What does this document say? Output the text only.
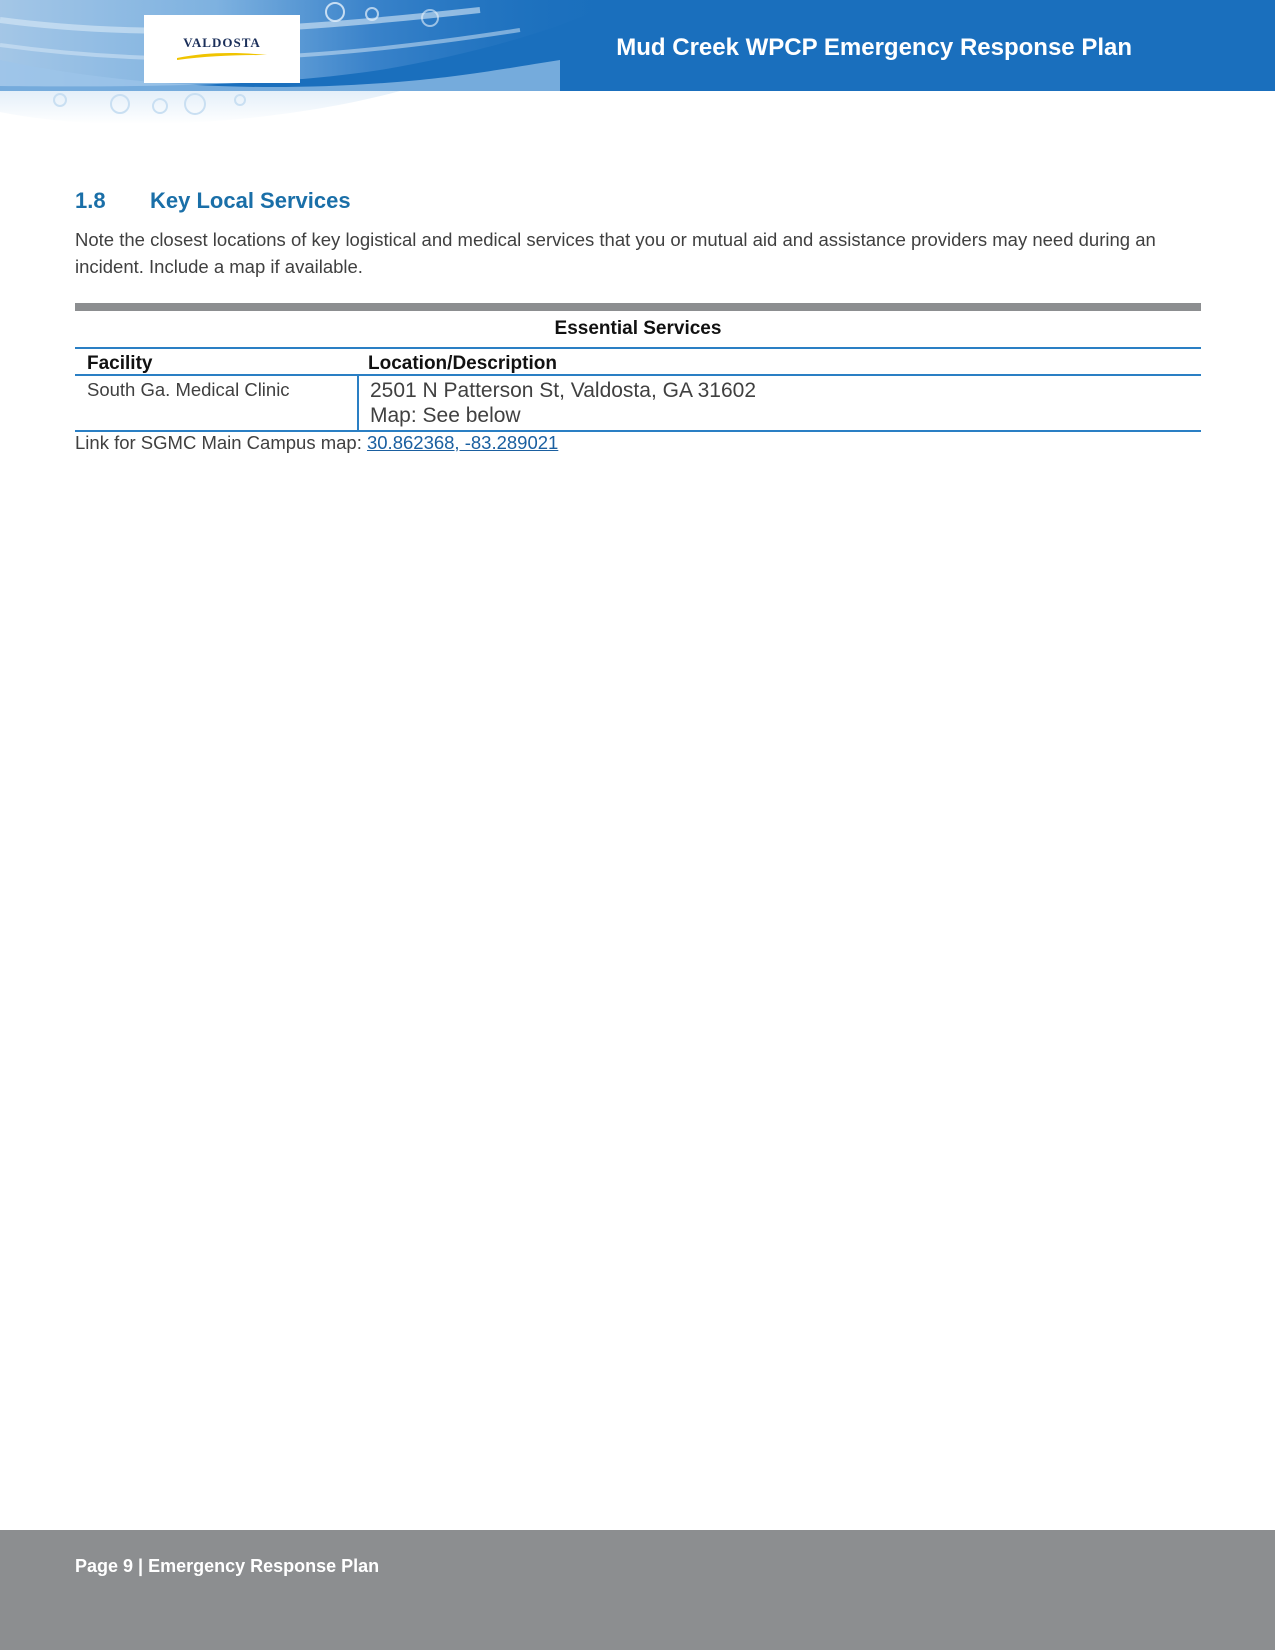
VALDOSTA	Mud Creek WPCP Emergency Response Plan
1.8	Key Local Services
Note the closest locations of key logistical and medical services that you or mutual aid and assistance providers may need during an incident. Include a map if available.
Essential Services
Facility	Location/Description
South Ga. Medical Clinic	2501 N Patterson St, Valdosta, GA 31602
Map: See below
Link for SGMC Main Campus map: 30.862368, -83.289021
Page 9 | Emergency Response Plan
